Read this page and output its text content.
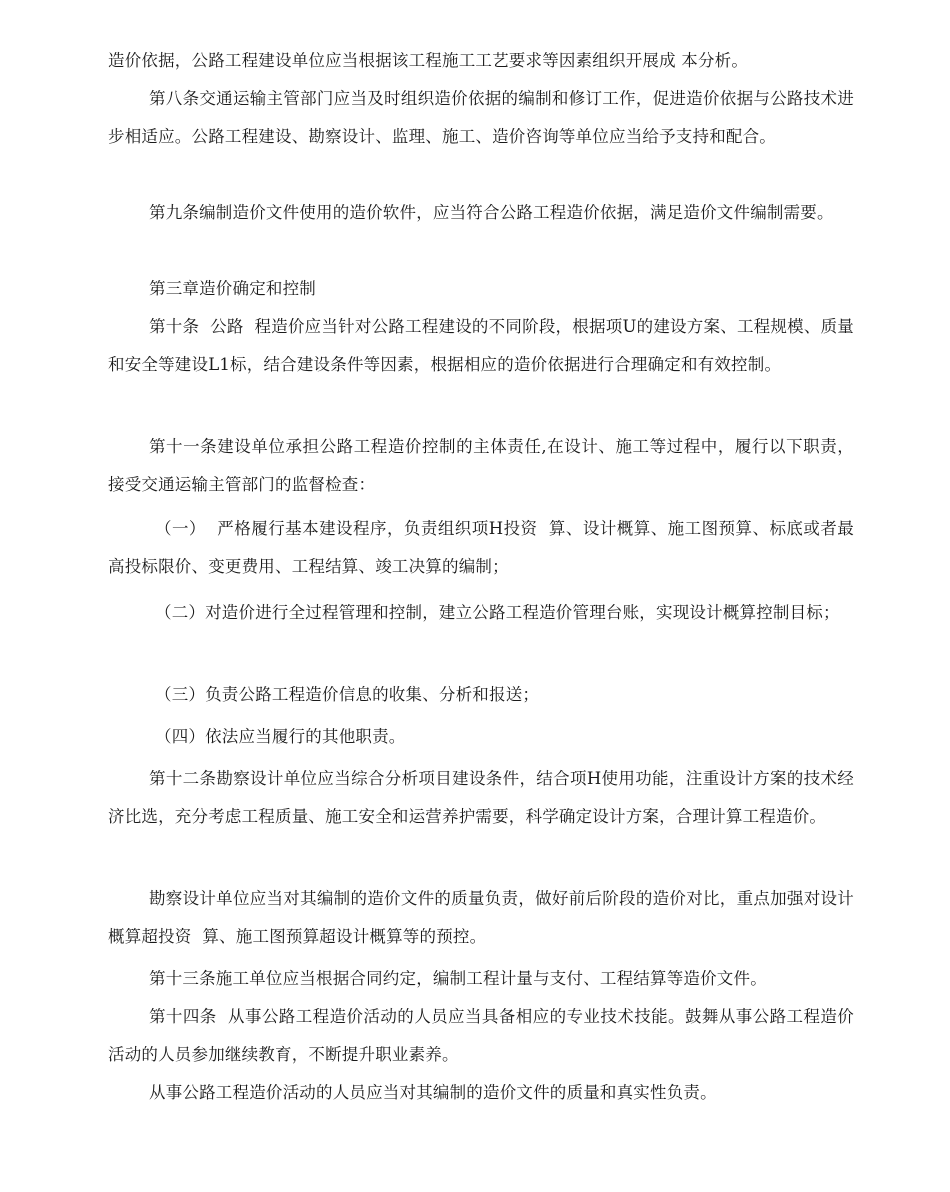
造价依据，公路工程建设单位应当根据该工程施工工艺要求等因素组织开展成 本分析。

第八条交通运输主管部门应当及时组织造价依据的编制和修订工作，促进造价依据与公路技术进步相适应。公路工程建设、勘察设计、监理、施工、造价咨询等单位应当给予支持和配合。

第九条编制造价文件使用的造价软件，应当符合公路工程造价依据，满足造价文件编制需要。

第三章造价确定和控制

第十条  公路  程造价应当针对公路工程建设的不同阶段，根据项U的建设方案、工程规模、质量和安全等建设L1标，结合建设条件等因素，根据相应的造价依据进行合理确定和有效控制。

第十一条建设单位承担公路工程造价控制的主体责任,在设计、施工等过程中，履行以下职责，接受交通运输主管部门的监督检查：

（一）  严格履行基本建设程序，负责组织项H投资  算、设计概算、施工图预算、标底或者最高投标限价、变更费用、工程结算、竣工决算的编制；

（二）对造价进行全过程管理和控制，建立公路工程造价管理台账，实现设计概算控制目标；

（三）负责公路工程造价信息的收集、分析和报送；

（四）依法应当履行的其他职责。

第十二条勘察设计单位应当综合分析项目建设条件，结合项H使用功能，注重设计方案的技术经济比选，充分考虑工程质量、施工安全和运营养护需要，科学确定设计方案，合理计算工程造价。

勘察设计单位应当对其编制的造价文件的质量负责，做好前后阶段的造价对比，重点加强对设计概算超投资  算、施工图预算超设计概算等的预控。

第十三条施工单位应当根据合同约定，编制工程计量与支付、工程结算等造价文件。

第十四条  从事公路工程造价活动的人员应当具备相应的专业技术技能。鼓舞从事公路工程造价活动的人员参加继续教育，不断提升职业素养。

从事公路工程造价活动的人员应当对其编制的造价文件的质量和真实性负责。
